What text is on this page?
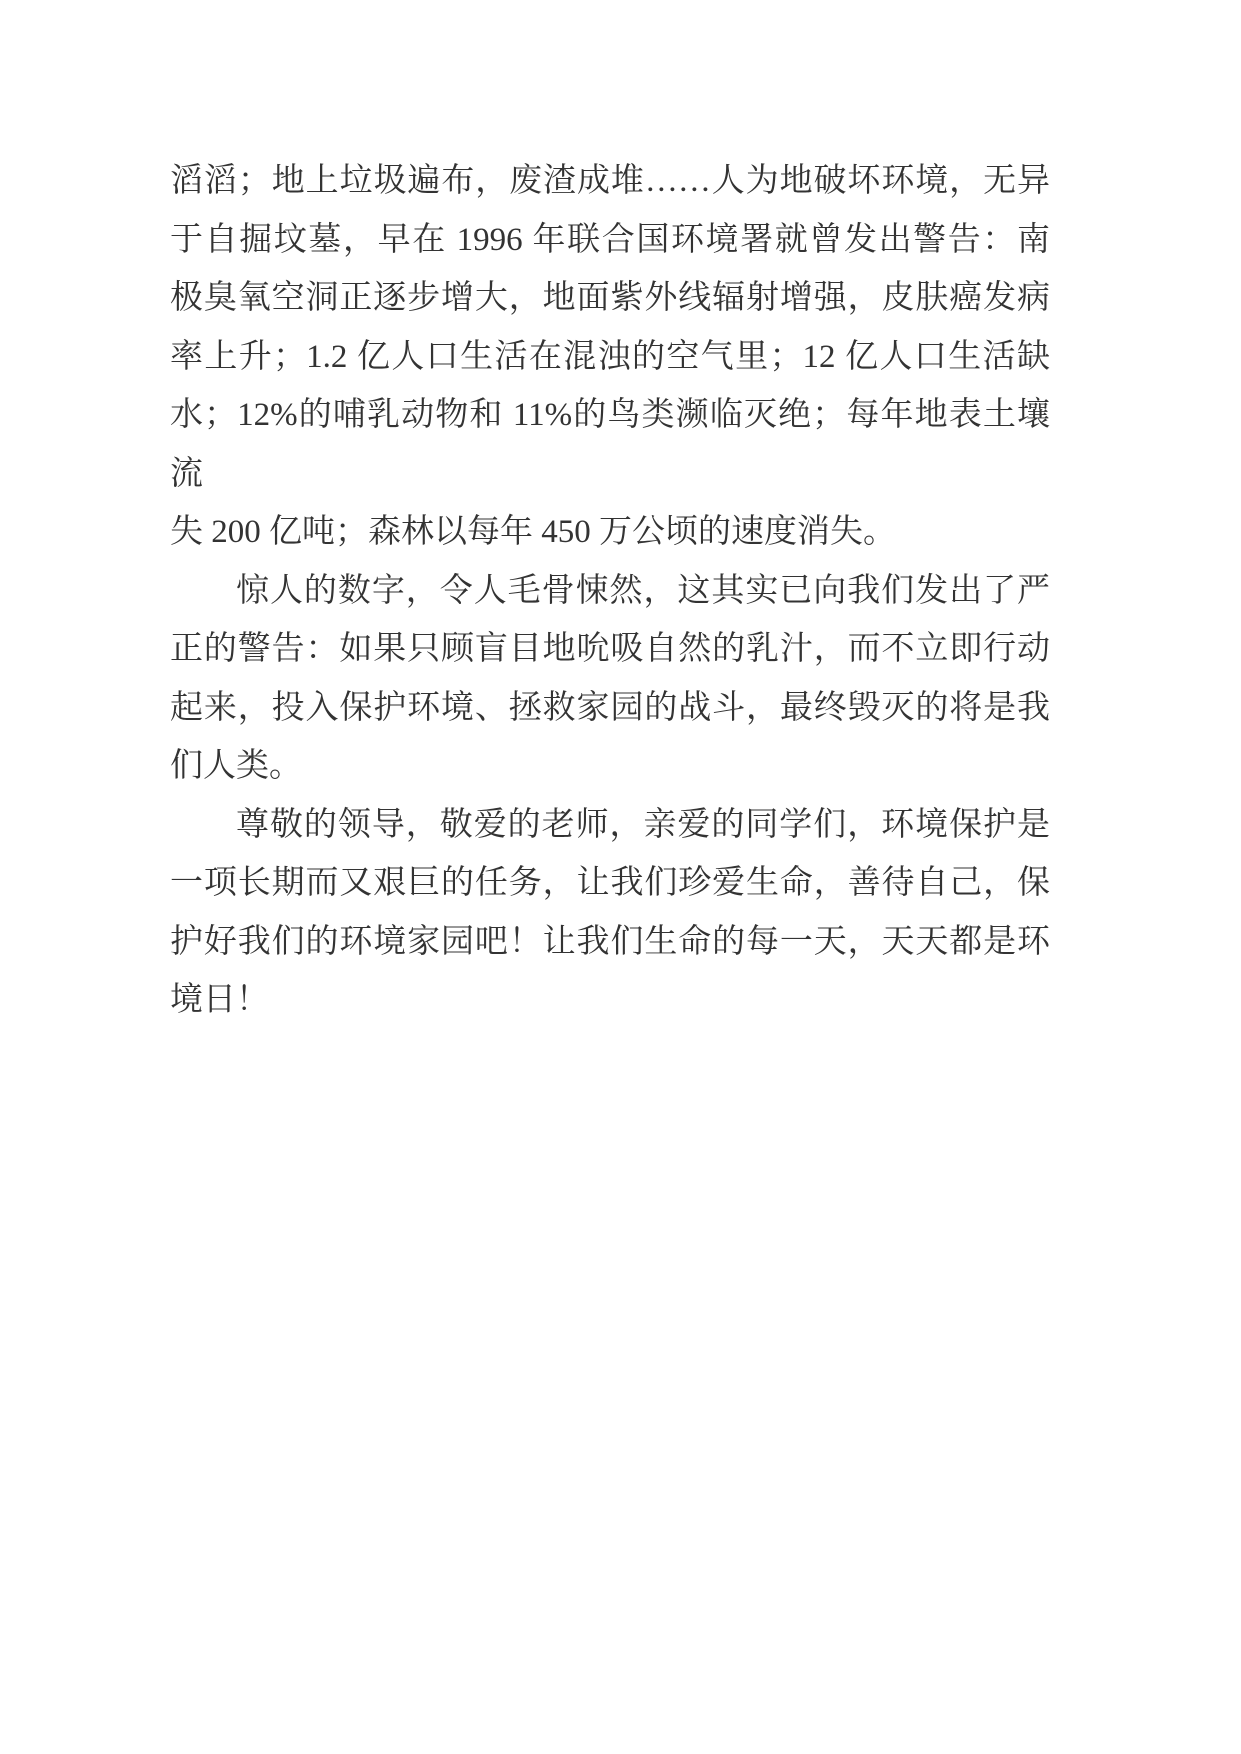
滔滔；地上垃圾遍布，废渣成堆……人为地破坏环境，无异
于自掘坟墓，早在 1996 年联合国环境署就曾发出警告：南
极臭氧空洞正逐步增大，地面紫外线辐射增强，皮肤癌发病
率上升；1.2 亿人口生活在混浊的空气里；12 亿人口生活缺
水；12%的哺乳动物和 11%的鸟类濒临灭绝；每年地表土壤流
失 200 亿吨；森林以每年 450 万公顷的速度消失。
惊人的数字，令人毛骨悚然，这其实已向我们发出了严
正的警告：如果只顾盲目地吮吸自然的乳汁，而不立即行动
起来，投入保护环境、拯救家园的战斗，最终毁灭的将是我
们人类。
尊敬的领导，敬爱的老师，亲爱的同学们，环境保护是
一项长期而又艰巨的任务，让我们珍爱生命，善待自己，保
护好我们的环境家园吧！让我们生命的每一天，天天都是环
境日！
